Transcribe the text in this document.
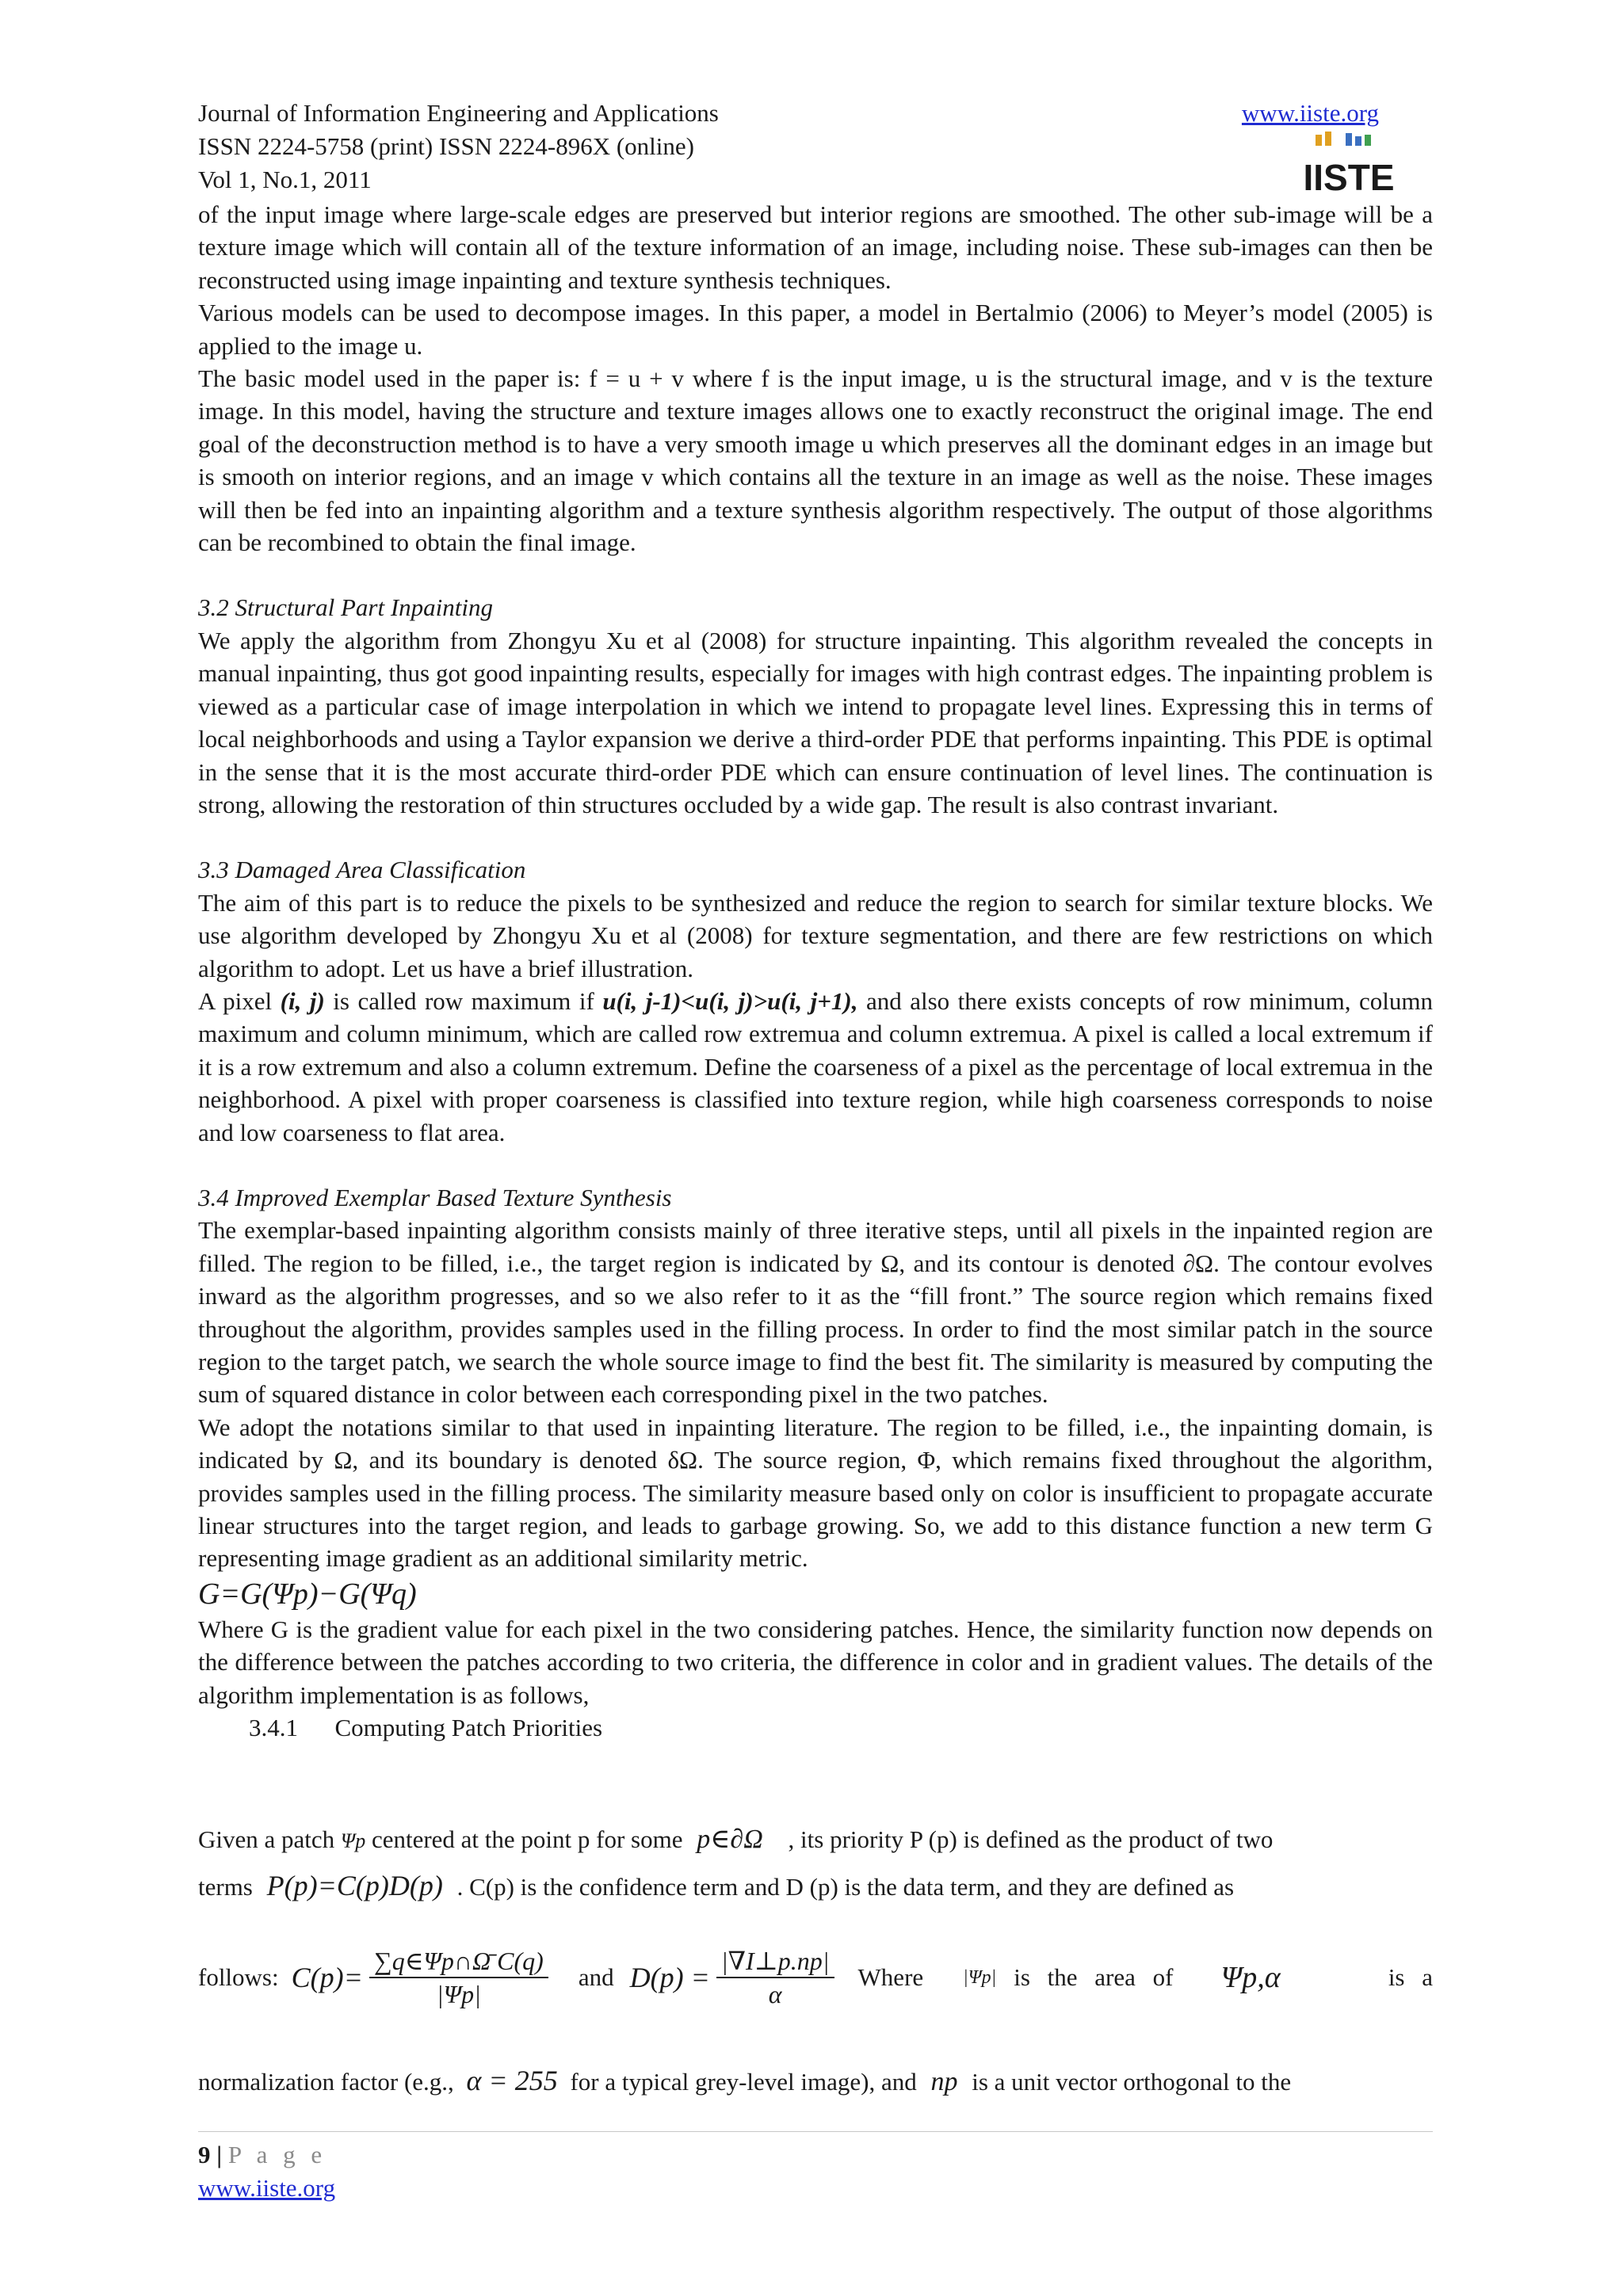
Journal of Information Engineering and Applications	www.iiste.org
ISSN 2224-5758 (print) ISSN 2224-896X (online)
Vol 1, No.1, 2011	IISTE

of the input image where large-scale edges are preserved but interior regions are smoothed. The other sub-image will be a texture image which will contain all of the texture information of an image, including noise. These sub-images can then be reconstructed using image inpainting and texture synthesis techniques.

Various models can be used to decompose images. In this paper, a model in Bertalmio (2006) to Meyer’s model (2005) is applied to the image u.

The basic model used in the paper is: f = u + v where f is the input image, u is the structural image, and v is the texture image. In this model, having the structure and texture images allows one to exactly reconstruct the original image. The end goal of the deconstruction method is to have a very smooth image u which preserves all the dominant edges in an image but is smooth on interior regions, and an image v which contains all the texture in an image as well as the noise. These images will then be fed into an inpainting algorithm and a texture synthesis algorithm respectively. The output of those algorithms can be recombined to obtain the final image.

3.2 Structural Part Inpainting

We apply the algorithm from Zhongyu Xu et al (2008) for structure inpainting. This algorithm revealed the concepts in manual inpainting, thus got good inpainting results, especially for images with high contrast edges. The inpainting problem is viewed as a particular case of image interpolation in which we intend to propagate level lines. Expressing this in terms of local neighborhoods and using a Taylor expansion we derive a third-order PDE that performs inpainting. This PDE is optimal in the sense that it is the most accurate third-order PDE which can ensure continuation of level lines. The continuation is strong, allowing the restoration of thin structures occluded by a wide gap. The result is also contrast invariant.

3.3 Damaged Area Classification

The aim of this part is to reduce the pixels to be synthesized and reduce the region to search for similar texture blocks. We use algorithm developed by Zhongyu Xu et al (2008) for texture segmentation, and there are few restrictions on which algorithm to adopt. Let us have a brief illustration.

A pixel (i, j) is called row maximum if u(i, j-1)<u(i, j)>u(i, j+1), and also there exists concepts of row minimum, column maximum and column minimum, which are called row extremua and column extremua. A pixel is called a local extremum if it is a row extremum and also a column extremum. Define the coarseness of a pixel as the percentage of local extremua in the neighborhood. A pixel with proper coarseness is classified into texture region, while high coarseness corresponds to noise and low coarseness to flat area.

3.4 Improved Exemplar Based Texture Synthesis

The exemplar-based inpainting algorithm consists mainly of three iterative steps, until all pixels in the inpainted region are filled. The region to be filled, i.e., the target region is indicated by Ω, and its contour is denoted ∂Ω. The contour evolves inward as the algorithm progresses, and so we also refer to it as the “fill front.” The source region which remains fixed throughout the algorithm, provides samples used in the filling process. In order to find the most similar patch in the source region to the target patch, we search the whole source image to find the best fit. The similarity is measured by computing the sum of squared distance in color between each corresponding pixel in the two patches.

We adopt the notations similar to that used in inpainting literature. The region to be filled, i.e., the inpainting domain, is indicated by Ω, and its boundary is denoted δΩ. The source region, Φ, which remains fixed throughout the algorithm, provides samples used in the filling process. The similarity measure based only on color is insufficient to propagate accurate linear structures into the target region, and leads to garbage growing. So, we add to this distance function a new term G representing image gradient as an additional similarity metric.

G=G(Ψp)−G(Ψq)

Where G is the gradient value for each pixel in the two considering patches. Hence, the similarity function now depends on the difference between the patches according to two criteria, the difference in color and in gradient values. The details of the algorithm implementation is as follows,

3.4.1 Computing Patch Priorities

Given a patch Ψp centered at the point p for some p∈∂Ω , its priority P (p) is defined as the product of two
terms P(p)=C(p)D(p) . C(p) is the confidence term and D (p) is the data term, and they are defined as
follows: $C(p)= \frac{\sum q\in\Psi p\cap\Omegā C(q)}{|\Psi p|}$ and $D(p) = \frac{|\nabla I\perp p.np|}{\alpha}$ Where |Ψp| is the area of Ψp,α	is a
normalization factor (e.g., α = 255 for a typical grey-level image), and np is a unit vector orthogonal to the
9 | P a g e
www.iiste.org
